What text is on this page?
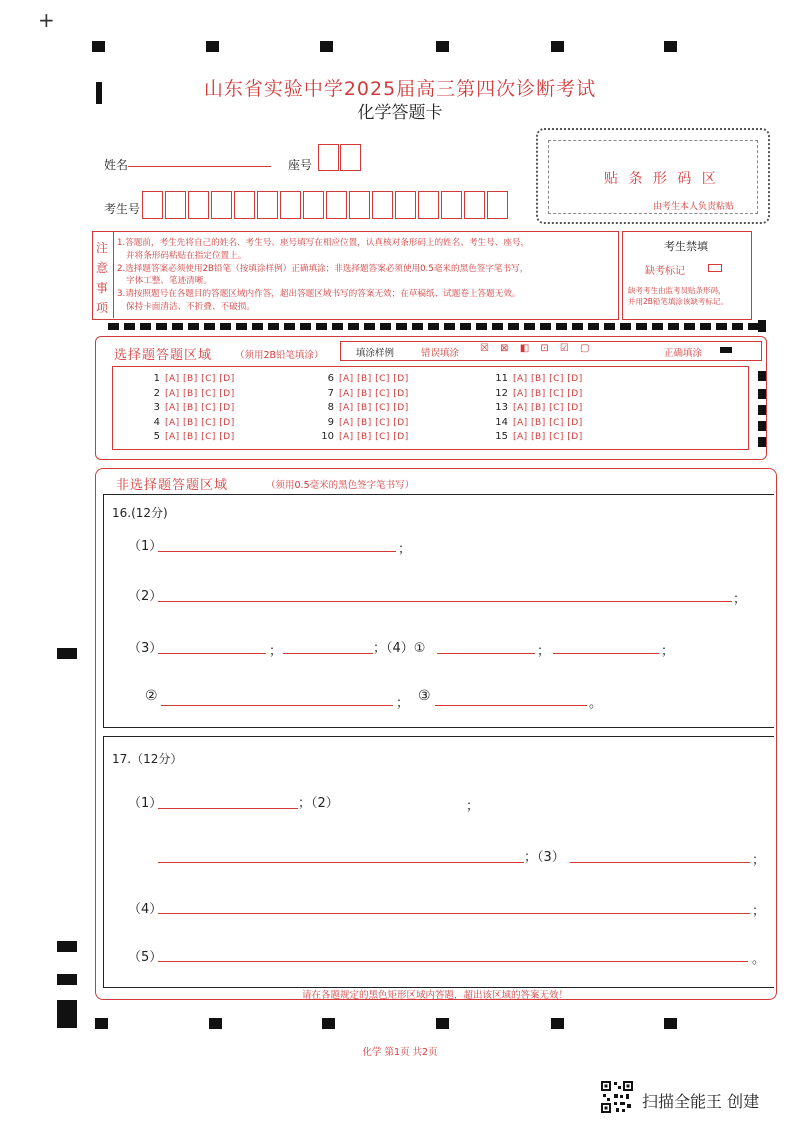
+
山东省实验中学2025届高三第四次诊断考试
化学答题卡
姓名	座号
考生号
贴 条 形 码 区
由考生本人负责粘贴
注
意
事
项
1.答题前，考生先将自己的姓名、考生号、座号填写在相应位置，认真核对条形码上的姓名、考生号、座号，
并将条形码粘贴在指定位置上。
2.选择题答案必须使用2B铅笔（按填涂样例）正确填涂；非选择题答案必须使用0.5毫米的黑色签字笔书写，
字体工整、笔迹清晰。
3.请按照题号在各题目的答题区域内作答，超出答题区域书写的答案无效；在草稿纸、试题卷上答题无效。
保持卡面清洁、不折叠、不破损。
考生禁填
缺考标记
缺考考生由监考员贴条形码，
并用2B铅笔填涂该缺考标记。
选择题答题区域 （须用2B铅笔填涂）	填涂样例	错误填涂 ☒ ⊠ ◧ ⊡ ☑ ▢	正确填涂
1 [A] [B] [C] [D]
2 [A] [B] [C] [D]
3 [A] [B] [C] [D]
4 [A] [B] [C] [D]
5 [A] [B] [C] [D]
6 [A] [B] [C] [D]
7 [A] [B] [C] [D]
8 [A] [B] [C] [D]
9 [A] [B] [C] [D]
10 [A] [B] [C] [D]
11 [A] [B] [C] [D]
12 [A] [B] [C] [D]
13 [A] [B] [C] [D]
14 [A] [B] [C] [D]
15 [A] [B] [C] [D]
非选择题答题区域	（须用0.5毫米的黑色签字笔书写）
16.(12分)
（1）	；
（2）	；
（3）	；	；（4）①	；	；
②	； ③	。
17.（12分）
（1）	；（2）	；
；（3）	；
（4）	；
（5）	。
请在各题规定的黑色矩形区域内答题，超出该区域的答案无效！
化学 第1页 共2页
扫描全能王 创建
